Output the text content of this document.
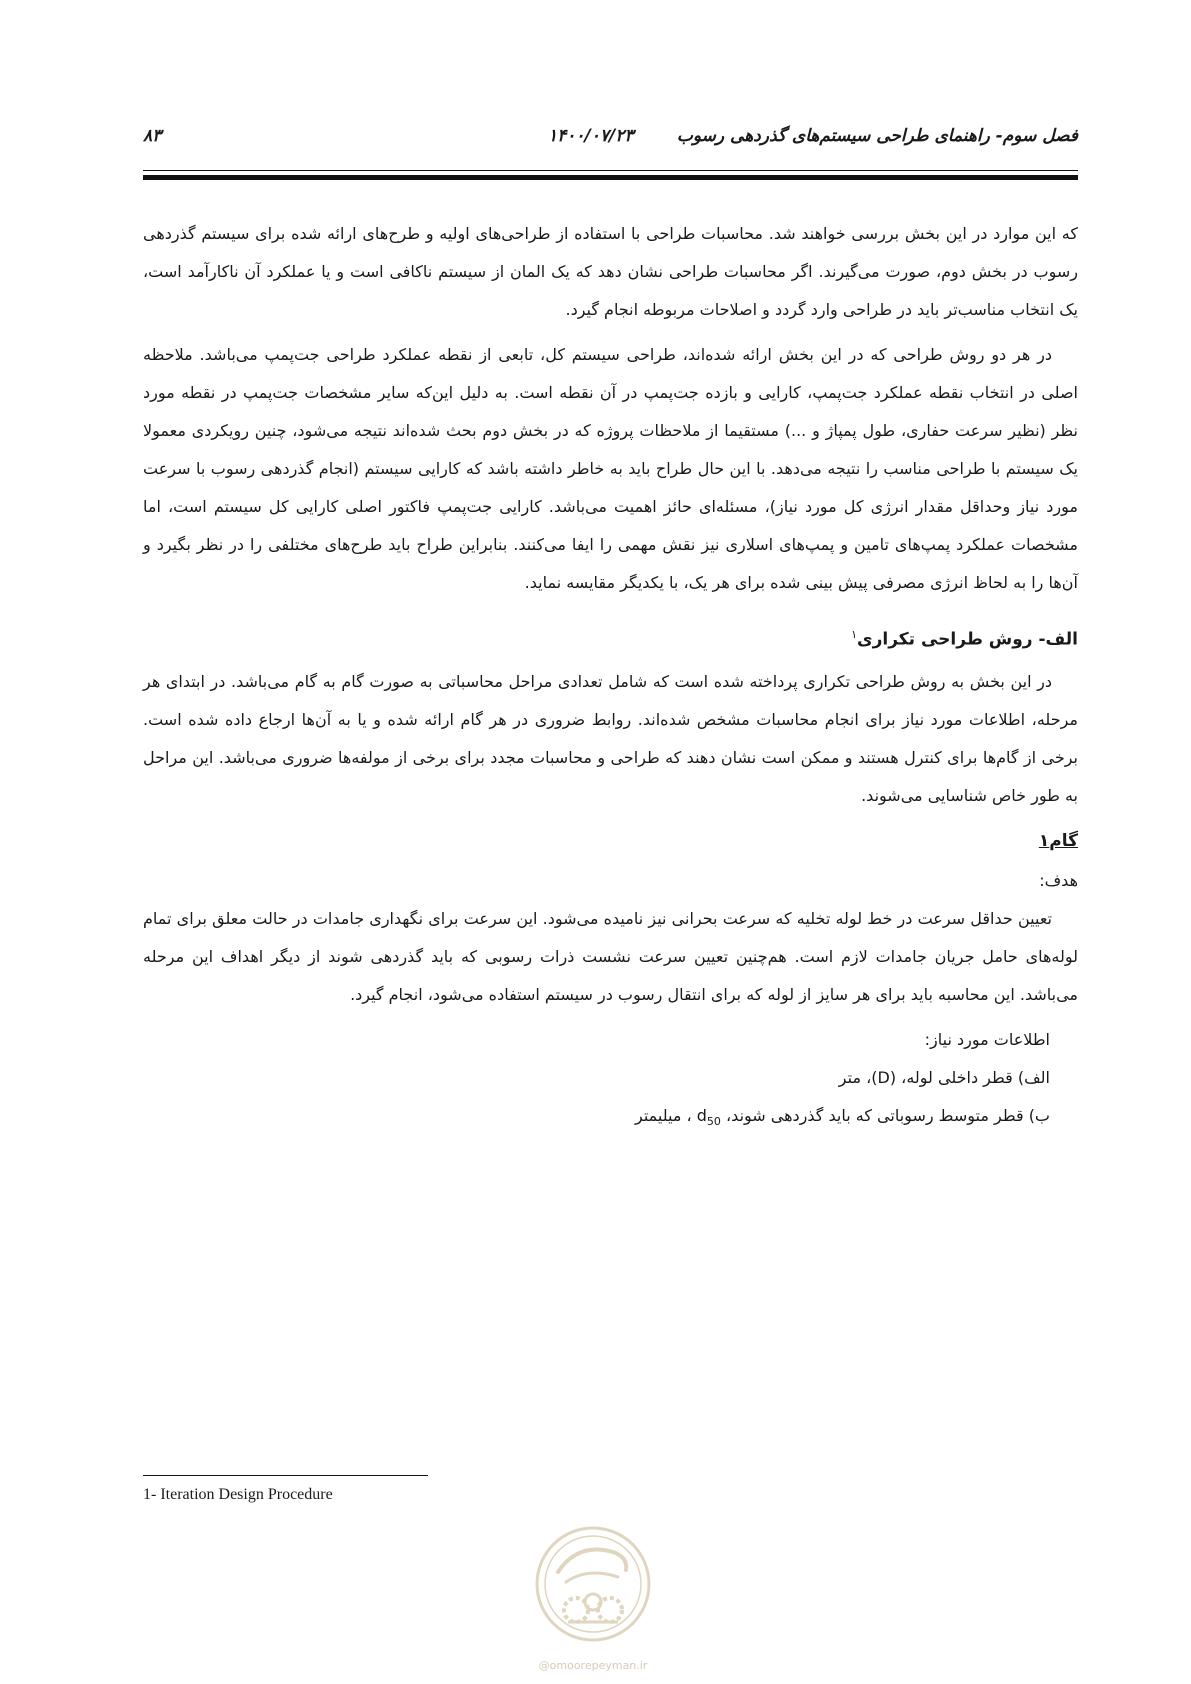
فصل سوم- راهنمای طراحی سیستم‌های گذردهی رسوب
۱۴۰۰/۰۷/۲۳
۸۳

که این موارد در این بخش بررسی خواهند شد. محاسبات طراحی با استفاده از طراحی‌های اولیه و طرح‌های ارائه شده برای سیستم گذردهی رسوب در بخش دوم، صورت می‌گیرند. اگر محاسبات طراحی نشان دهد که یک المان از سیستم ناکافی است و یا عملکرد آن ناکارآمد است، یک انتخاب مناسب‌تر باید در طراحی وارد گردد و اصلاحات مربوطه انجام گیرد.

در هر دو روش طراحی که در این بخش ارائه شده‌اند، طراحی سیستم کل، تابعی از نقطه عملکرد طراحی جت‌پمپ می‌باشد. ملاحظه اصلی در انتخاب نقطه عملکرد جت‌پمپ، کارایی و بازده جت‌پمپ در آن نقطه است. به دلیل این‌که سایر مشخصات جت‌پمپ در نقطه مورد نظر (نظیر سرعت حفاری، طول پمپاژ و ...) مستقیما از ملاحظات پروژه که در بخش دوم بحث شده‌اند نتیجه می‌شود، چنین رویکردی معمولا یک سیستم با طراحی مناسب را نتیجه می‌دهد. با این حال طراح باید به خاطر داشته باشد که کارایی سیستم (انجام گذردهی رسوب با سرعت مورد نیاز وحداقل مقدار انرژی کل مورد نیاز)، مسئله‌ای حائز اهمیت می‌باشد. کارایی جت‌پمپ فاکتور اصلی کارایی کل سیستم است، اما مشخصات عملکرد پمپ‌های تامین و پمپ‌های اسلاری نیز نقش مهمی را ایفا می‌کنند. بنابراین طراح باید طرح‌های مختلفی را در نظر بگیرد و آن‌ها را به لحاظ انرژی مصرفی پیش بینی شده برای هر یک، با یکدیگر مقایسه نماید.

الف- روش طراحی تکراری$^۱$

در این بخش به روش طراحی تکراری پرداخته شده است که شامل تعدادی مراحل محاسباتی به صورت گام به گام می‌باشد. در ابتدای هر مرحله، اطلاعات مورد نیاز برای انجام محاسبات مشخص شده‌اند. روابط ضروری در هر گام ارائه شده و یا به آن‌ها ارجاع داده شده است. برخی از گام‌ها برای کنترل هستند و ممکن است نشان دهند که طراحی و محاسبات مجدد برای برخی از مولفه‌ها ضروری می‌باشد. این مراحل به طور خاص شناسایی می‌شوند.

گام۱

هدف:

تعیین حداقل سرعت در خط لوله تخلیه که سرعت بحرانی نیز نامیده می‌شود. این سرعت برای نگهداری جامدات در حالت معلق برای تمام لوله‌های حامل جریان جامدات لازم است. هم‌چنین تعیین سرعت نشست ذرات رسوبی که باید گذردهی شوند از دیگر اهداف این مرحله می‌باشد. این محاسبه باید برای هر سایز از لوله که برای انتقال رسوب در سیستم استفاده می‌شود، انجام گیرد.

اطلاعات مورد نیاز:

الف) قطر داخلی لوله، (D)، متر

ب) قطر متوسط رسوباتی که باید گذردهی شوند، $d_{50}$ ، میلیمتر

1- Iteration Design Procedure
@omoorepeyman.ir
